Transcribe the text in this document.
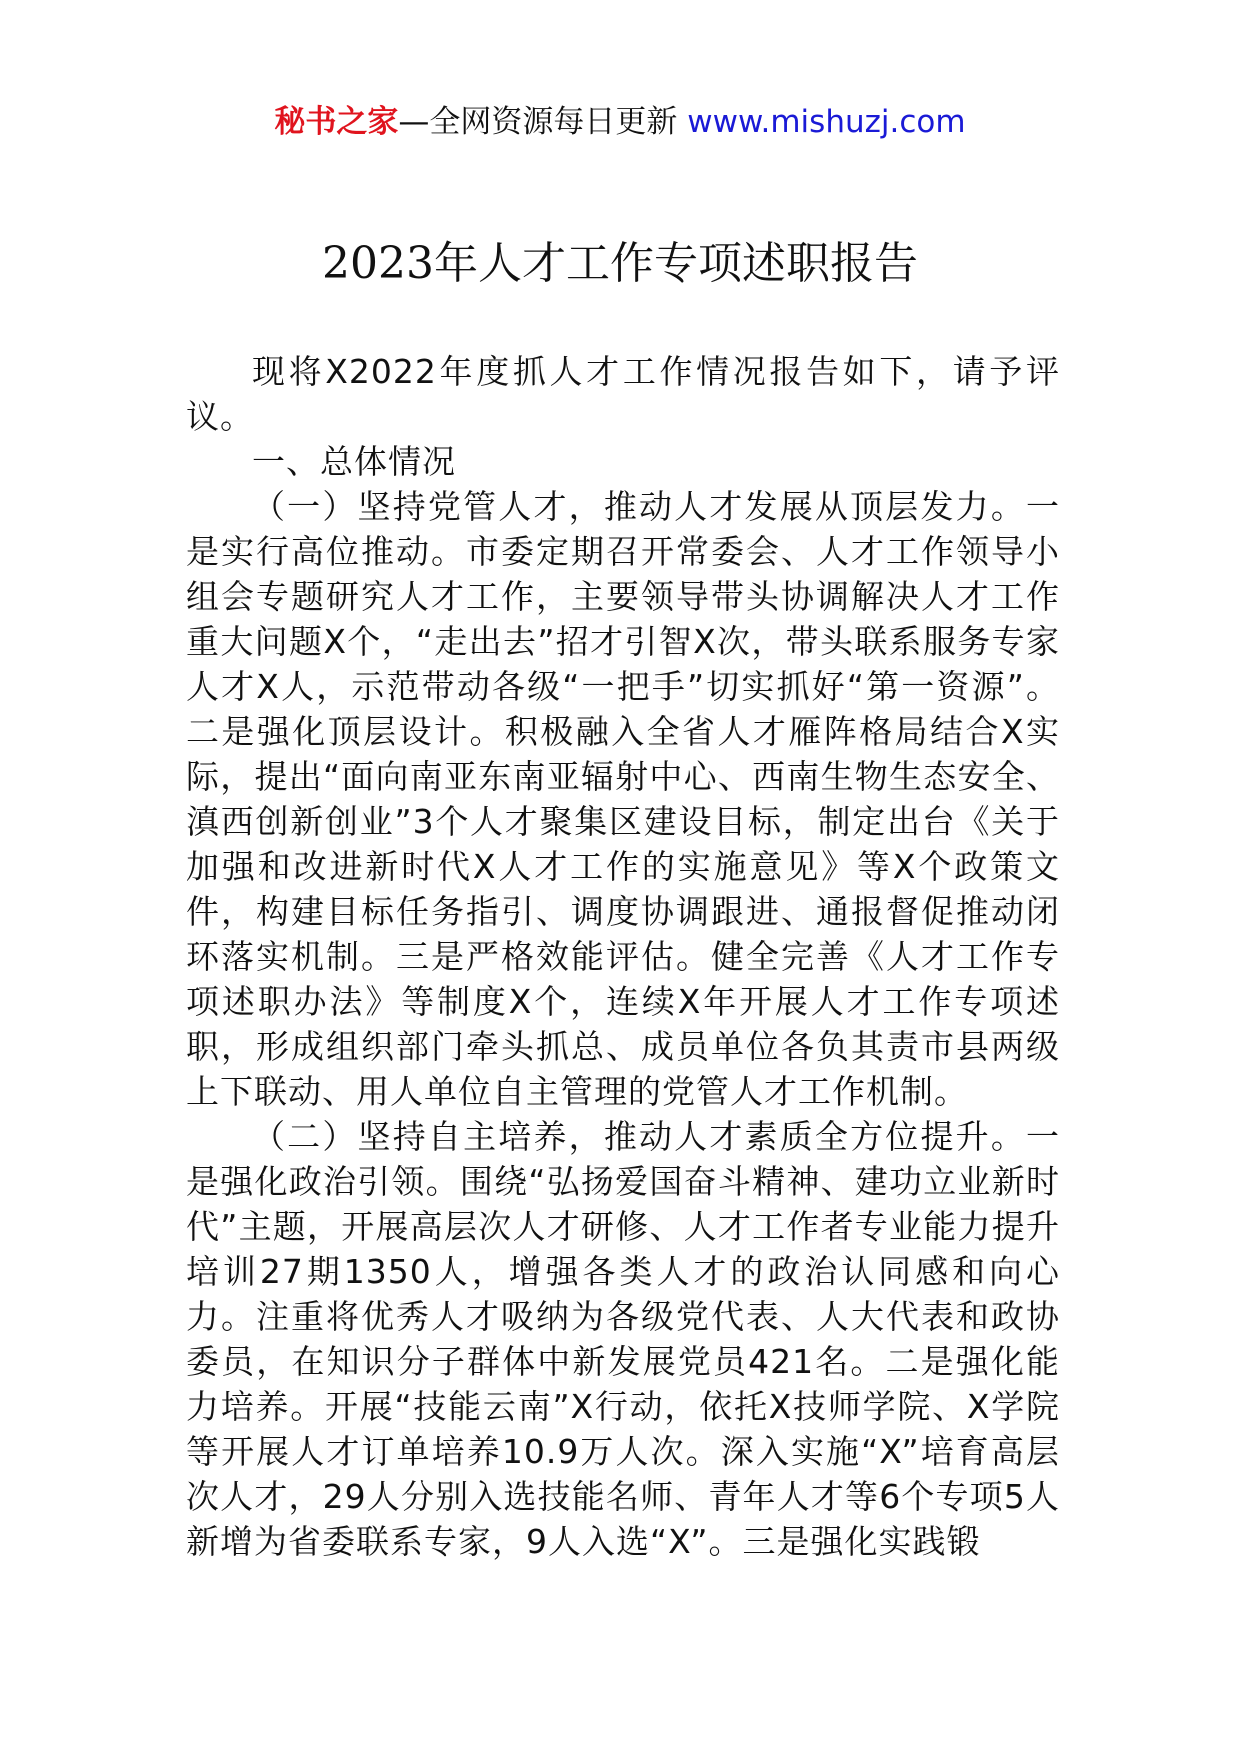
秘书之家—全网资源每日更新 www.mishuzj.com
2023年人才工作专项述职报告

现将X2022年度抓人才工作情况报告如下，请予评议。

一、总体情况

（一）坚持党管人才，推动人才发展从顶层发力。一是实行高位推动。市委定期召开常委会、人才工作领导小组会专题研究人才工作，主要领导带头协调解决人才工作重大问题X个，“走出去”招才引智X次，带头联系服务专家人才X人，示范带动各级“一把手”切实抓好“第一资源”。二是强化顶层设计。积极融入全省人才雁阵格局结合X实际，提出“面向南亚东南亚辐射中心、西南生物生态安全、滇西创新创业”3个人才聚集区建设目标，制定出台《关于加强和改进新时代X人才工作的实施意见》等X个政策文件，构建目标任务指引、调度协调跟进、通报督促推动闭环落实机制。三是严格效能评估。健全完善《人才工作专项述职办法》等制度X个，连续X年开展人才工作专项述职，形成组织部门牵头抓总、成员单位各负其责市县两级上下联动、用人单位自主管理的党管人才工作机制。

（二）坚持自主培养，推动人才素质全方位提升。一是强化政治引领。围绕“弘扬爱国奋斗精神、建功立业新时代”主题，开展高层次人才研修、人才工作者专业能力提升培训27期1350人，增强各类人才的政治认同感和向心力。注重将优秀人才吸纳为各级党代表、人大代表和政协委员，在知识分子群体中新发展党员421名。二是强化能力培养。开展“技能云南”X行动，依托X技师学院、X学院等开展人才订单培养10.9万人次。深入实施“X”培育高层次人才，29人分别入选技能名师、青年人才等6个专项5人新增为省委联系专家，9人入选“X”。三是强化实践锻
